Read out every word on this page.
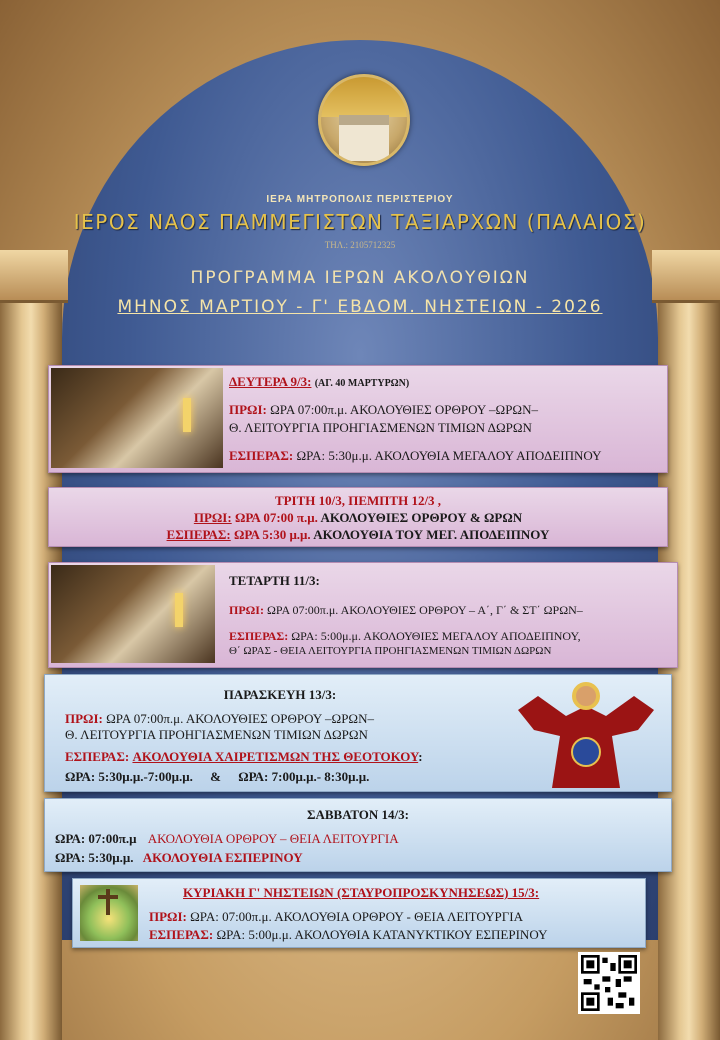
ΙΕΡΑ ΜΗΤΡΟΠΟΛΙΣ ΠΕΡΙΣΤΕΡΙΟΥ
ΙΕΡΟΣ ΝΑΟΣ ΠΑΜΜΕΓΙΣΤΩΝ ΤΑΞΙΑΡΧΩΝ (ΠΑΛΑΙΟΣ)
ΤΗΛ.: 2105712325
ΠΡΟΓΡΑΜΜΑ ΙΕΡΩΝ ΑΚΟΛΟΥΘΙΩΝ
ΜΗΝΟΣ ΜΑΡΤΙΟΥ - Γ' ΕΒΔΟΜ. ΝΗΣΤΕΙΩΝ - 2026
ΔΕΥΤΕΡΑ 9/3: (ΑΓ. 40 ΜΑΡΤΥΡΩΝ)
ΠΡΩΙ: ΩΡΑ 07:00π.μ. ΑΚΟΛΟΥΘΙΕΣ ΟΡΘΡΟΥ –ΩΡΩΝ–
Θ. ΛΕΙΤΟΥΡΓΙΑ ΠΡΟΗΓΙΑΣΜΕΝΩΝ ΤΙΜΙΩΝ ΔΩΡΩΝ
ΕΣΠΕΡΑΣ: ΩΡΑ: 5:30μ.μ. ΑΚΟΛΟΥΘΙΑ ΜΕΓΑΛΟΥ ΑΠΟΔΕΙΠΝΟΥ
ΤΡΙΤΗ 10/3, ΠΕΜΠΤΗ 12/3 ,
ΠΡΩΙ: ΩΡΑ 07:00 π.μ. ΑΚΟΛΟΥΘΙΕΣ ΟΡΘΡΟΥ & ΩΡΩΝ
ΕΣΠΕΡΑΣ: ΩΡΑ 5:30 μ.μ. ΑΚΟΛΟΥΘΙΑ ΤΟΥ ΜΕΓ. ΑΠΟΔΕΙΠΝΟΥ
ΤΕΤΑΡΤΗ 11/3:
ΠΡΩΙ: ΩΡΑ 07:00π.μ. ΑΚΟΛΟΥΘΙΕΣ ΟΡΘΡΟΥ – Α΄, Γ΄ & ΣΤ΄ ΩΡΩΝ–
ΕΣΠΕΡΑΣ: ΩΡΑ: 5:00μ.μ. ΑΚΟΛΟΥΘΙΕΣ ΜΕΓΑΛΟΥ ΑΠΟΔΕΙΠΝΟΥ,
Θ΄ ΩΡΑΣ - ΘΕΙΑ ΛΕΙΤΟΥΡΓΙΑ ΠΡΟΗΓΙΑΣΜΕΝΩΝ ΤΙΜΙΩΝ ΔΩΡΩΝ
ΠΑΡΑΣΚΕΥΗ 13/3:
ΠΡΩΙ: ΩΡΑ 07:00π.μ. ΑΚΟΛΟΥΘΙΕΣ ΟΡΘΡΟΥ –ΩΡΩΝ–
Θ. ΛΕΙΤΟΥΡΓΙΑ ΠΡΟΗΓΙΑΣΜΕΝΩΝ ΤΙΜΙΩΝ ΔΩΡΩΝ
ΕΣΠΕΡΑΣ: ΑΚΟΛΟΥΘΙΑ ΧΑΙΡΕΤΙΣΜΩΝ ΤΗΣ ΘΕΟΤΟΚΟΥ:
ΩΡΑ: 5:30μ.μ.-7:00μ.μ. & ΩΡΑ: 7:00μ.μ.- 8:30μ.μ.
ΣΑΒΒΑΤΟΝ 14/3:
ΩΡΑ: 07:00π.μ ΑΚΟΛΟΥΘΙΑ ΟΡΘΡΟΥ – ΘΕΙΑ ΛΕΙΤΟΥΡΓΙΑ
ΩΡΑ: 5:30μ.μ. ΑΚΟΛΟΥΘΙΑ ΕΣΠΕΡΙΝΟΥ
ΚΥΡΙΑΚΗ Γ' ΝΗΣΤΕΙΩΝ (ΣΤΑΥΡΟΠΡΟΣΚΥΝΗΣΕΩΣ) 15/3:
ΠΡΩΙ: ΩΡΑ: 07:00π.μ. ΑΚΟΛΟΥΘΙΑ ΟΡΘΡΟΥ - ΘΕΙΑ ΛΕΙΤΟΥΡΓΙΑ
ΕΣΠΕΡΑΣ: ΩΡΑ: 5:00μ.μ. ΑΚΟΛΟΥΘΙΑ ΚΑΤΑΝΥΚΤΙΚΟΥ ΕΣΠΕΡΙΝΟΥ
